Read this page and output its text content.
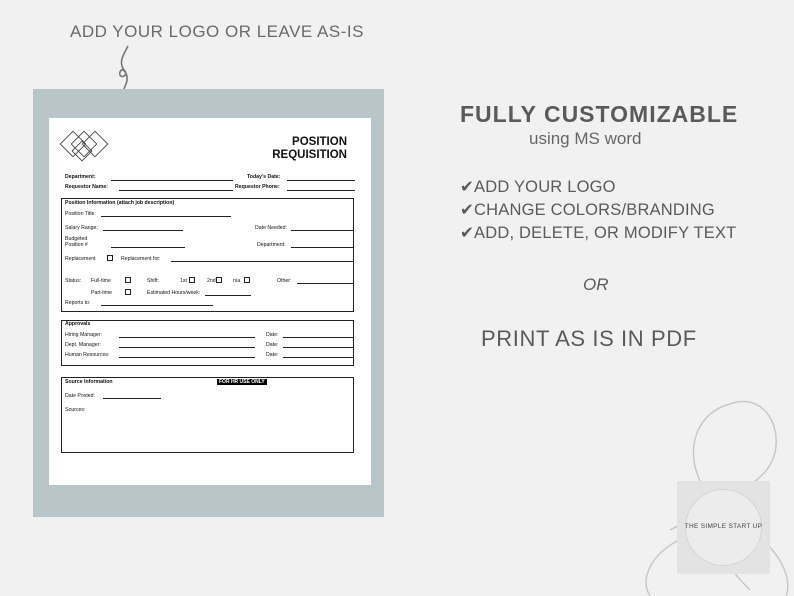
ADD YOUR LOGO OR LEAVE AS-IS
POSITION
REQUISITION
Department:	Today's Date:
Requestor Name:	Requestor Phone:
Position Information (attach job description)
Position Title:
Salary Range:	Date Needed:
Budgeted
Position #	Department:
Replacement	Replacement for:
Status: Full-time	Shift:	1st	2nd	n/a	Other:
Part-time	Estimated Hours/week:
Reports to:
Approvals
Hiring Manager:	Date:
Dept. Manager:	Date:
Human Resources:	Date:
Source Information	FOR HR USE ONLY
Date Posted:
Sources:
FULLY CUSTOMIZABLE
using MS word
✔ADD YOUR LOGO
✔CHANGE COLORS/BRANDING
✔ADD, DELETE, OR MODIFY TEXT
OR
PRINT AS IS IN PDF
THE SIMPLE START UP
